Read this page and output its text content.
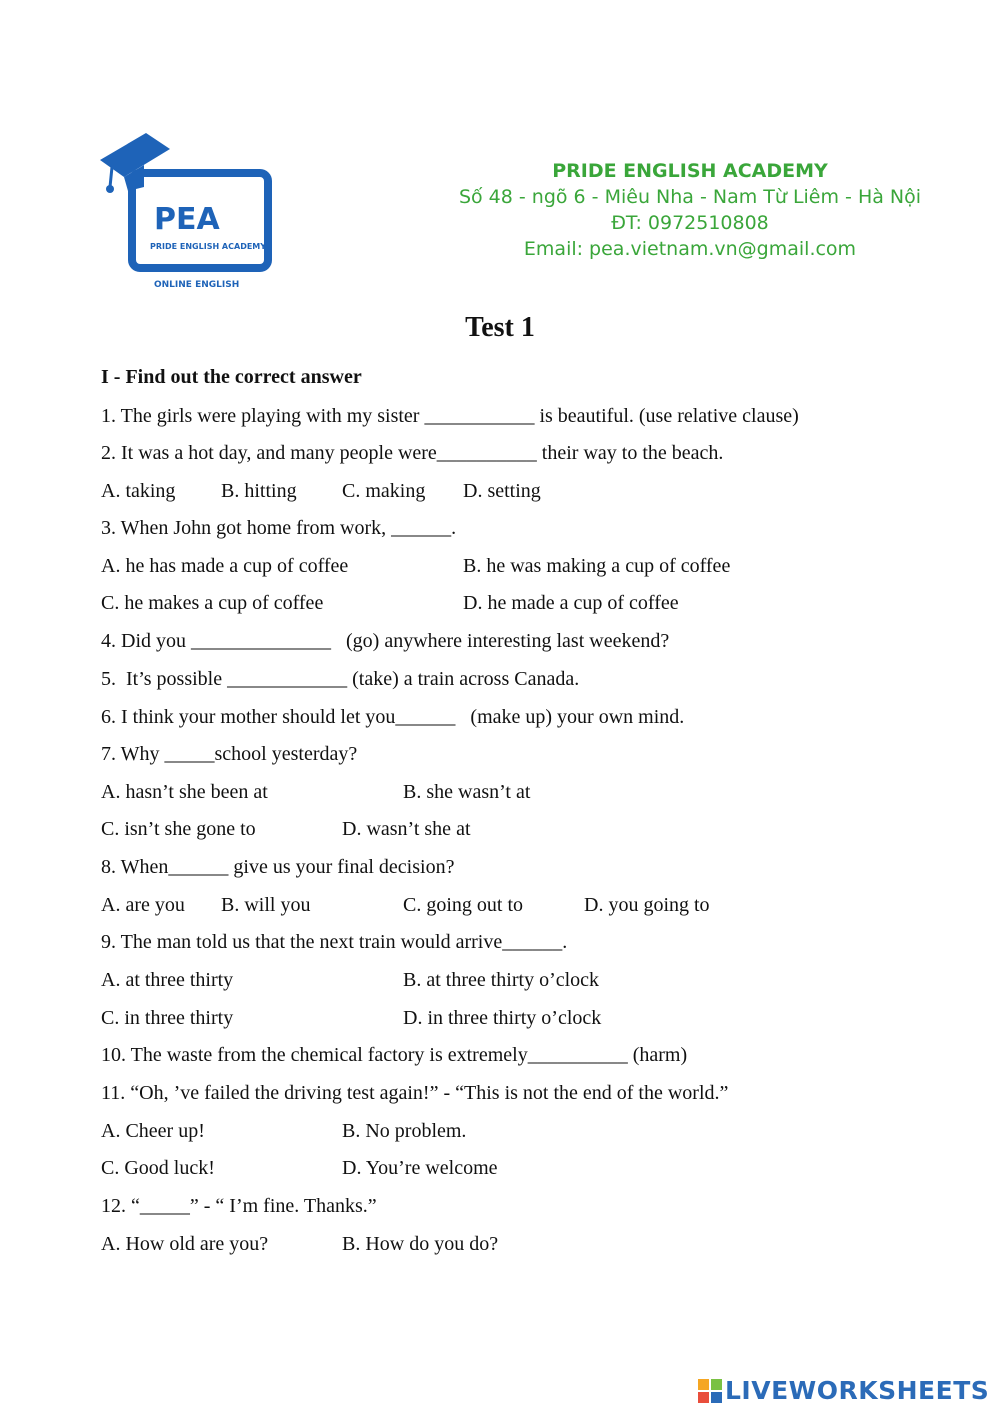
PEA
PRIDE ENGLISH ACADEMY
ONLINE ENGLISH
PRIDE ENGLISH ACADEMY
Số 48 - ngõ 6 - Miêu Nha - Nam Từ Liêm - Hà Nội
ĐT: 0972510808
Email: pea.vietnam.vn@gmail.com
Test 1
I - Find out the correct answer
1. The girls were playing with my sister ___________ is beautiful. (use relative clause)
2. It was a hot day, and many people were__________ their way to the beach.
A. taking B. hitting C. making D. setting
3. When John got home from work, ______.
A. he has made a cup of coffee	B. he was making a cup of coffee
C. he makes a cup of coffee	D. he made a cup of coffee
4. Did you ______________   (go) anywhere interesting last weekend?
5.  It’s possible ____________ (take) a train across Canada.
6. I think your mother should let you______   (make up) your own mind.
7. Why _____school yesterday?
A. hasn’t she been at	B. she wasn’t at
C. isn’t she gone to	D. wasn’t she at
8. When______ give us your final decision?
A. are you B. will you	C. going out to	D. you going to
9. The man told us that the next train would arrive______.
A. at three thirty	B. at three thirty o’clock
C. in three thirty	D. in three thirty o’clock
10. The waste from the chemical factory is extremely__________ (harm)
11. “Oh, ’ve failed the driving test again!” - “This is not the end of the world.”
A. Cheer up!	B. No problem.
C. Good luck!	D. You’re welcome
12. “_____” - “ I’m fine. Thanks.”
A. How old are you?	B. How do you do?
LIVEWORKSHEETS
